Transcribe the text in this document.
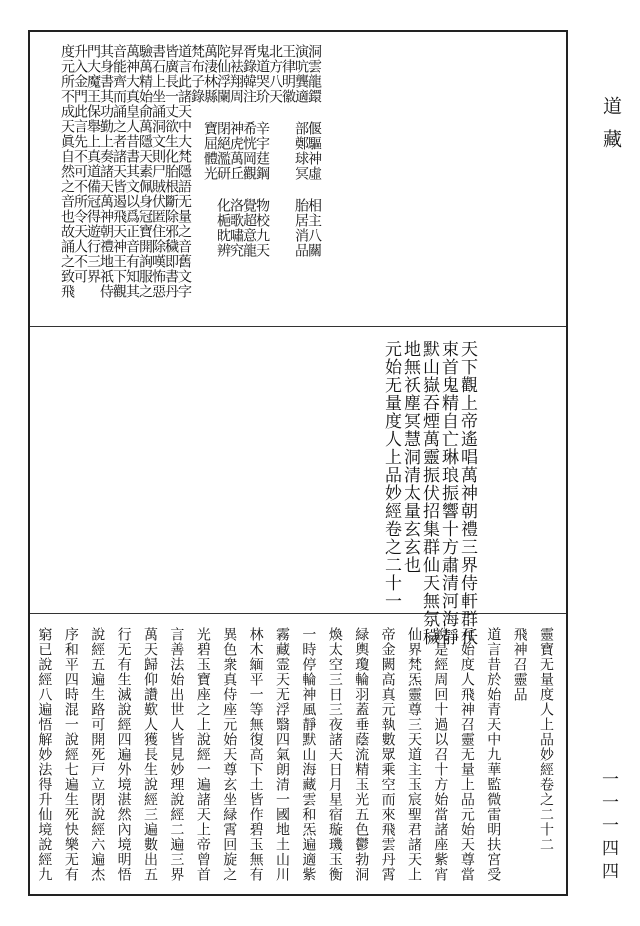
洞雲龍鐶 偃驅神虛 相主八關
演吭龔適 部鄭球冥 胎居消品
王律明徽
北方八天
鬼道哭玠 辛宇莛鋼 物校九天
胥錄韓注 希恍岡觀 覺超意龍
昇袪翔周 神虎萬丘 洛歌嘯究
陀仙浮闌 閉絕濫研 化梔眈辨
萬淒林縣 寶屈體光
梵布子錄
道言此諸天中大梵隱語无量之音舊文字
皆廣長一丈欲生化胎根斷除邪穢即書丹
書石上坐誦洞文則尸賊伏匿住除嘆怖惡
驗萬精始俞萬隱天素佩身冠寶開詢服之
萬神大真皇人昔書其文以爲正音有知其
音能齊而誦之者諸天皆遏飛天神王下觀
其身書其功勤上奏諸天萬神朝禮地祇侍
門大魔王保舉上真道備冠得遊行三界
升入金門此言先不可不所令天人不可
度元所不成天眞自然之音也故誦之致飛
天下觀上帝遙唱萬神朝禮三界侍軒群仸
束首鬼精自亡琳琅振響十方肅清河海靜
默山嶽吞煙萬靈振伏招集群仙天無氛穢
地無祅塵冥慧洞清太量玄玄也
元始无量度人上品妙經卷之二十一
靈寶无量度人上品妙經卷之二十二
飛神召靈品
道言昔於始青天中九華監微雷明扶宮受
元始度人飛神召靈无量上品元始天尊當
說是經周回十過以召十方始當諸座紫宵
仙界梵炁靈尊三天道主玉宸聖君諸天上
帝金闕高真元執數眾乘空而來飛雲丹霄
緑輿瓊輪羽蓋垂蔭流精玉光五色鬱勃洞
煥太空三日三夜諸天日月星宿璇璣玉衡
一時停輪神風靜默山海藏雲和炁遍適紫
霧藏霊天无浮翳四氣朗清一國地土山川
林木緬平一等無復高下土皆作碧玉無有
異色衆真侍座元始天尊玄坐緑霄回旋之
光碧玉寶座之上說經一遍諸天上帝曾首
言善法始出世人皆見妙理說經二遍三界
萬天歸仰讚歎人獲長生說經三遍數出五
行无有生滅說經四遍外境湛然內境明悟
說經五遍生路可開死戸立閉說經六遍杰
序和平四時混一說經七遍生死快樂无有
窮已說經八遍悟解妙法得升仙境說經九
道藏
一一一四四
